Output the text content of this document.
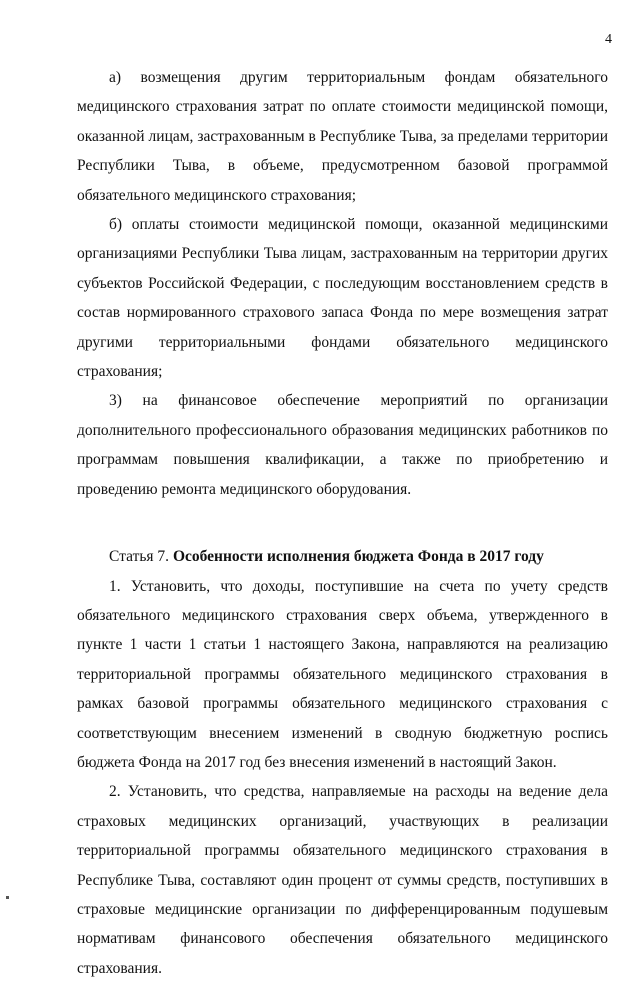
4

а) возмещения другим территориальным фондам обязательного медицинского страхования затрат по оплате стоимости медицинской помощи, оказанной лицам, застрахованным в Республике Тыва, за пределами территории Республики Тыва, в объеме, предусмотренном базовой программой обязательного медицинского страхования;

б) оплаты стоимости медицинской помощи, оказанной медицинскими организациями Республики Тыва лицам, застрахованным на территории других субъектов Российской Федерации, с последующим восстановлением средств в состав нормированного страхового запаса Фонда по мере возмещения затрат другими территориальными фондами обязательного медицинского страхования;

3) на финансовое обеспечение мероприятий по организации дополнительного профессионального образования медицинских работников по программам повышения квалификации, а также по приобретению и проведению ремонта медицинского оборудования.

Статья 7. Особенности исполнения бюджета Фонда в 2017 году

1. Установить, что доходы, поступившие на счета по учету средств обязательного медицинского страхования сверх объема, утвержденного в пункте 1 части 1 статьи 1 настоящего Закона, направляются на реализацию территориальной программы обязательного медицинского страхования в рамках базовой программы обязательного медицинского страхования с соответствующим внесением изменений в сводную бюджетную роспись бюджета Фонда на 2017 год без внесения изменений в настоящий Закон.

2. Установить, что средства, направляемые на расходы на ведение дела страховых медицинских организаций, участвующих в реализации территориальной программы обязательного медицинского страхования в Республике Тыва, составляют один процент от суммы средств, поступивших в страховые медицинские организации по дифференцированным подушевым нормативам финансового обеспечения обязательного медицинского страхования.
